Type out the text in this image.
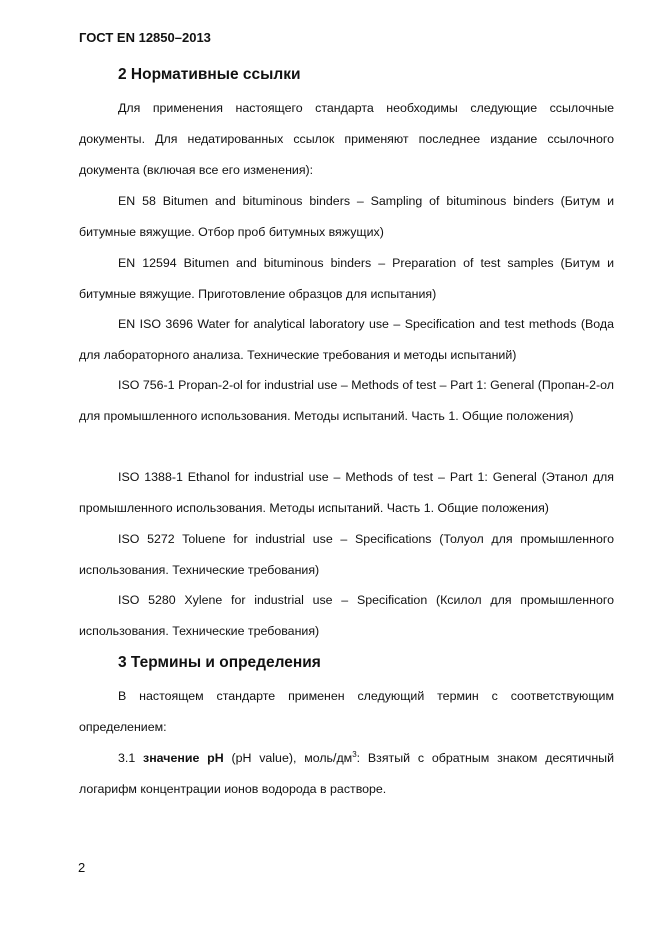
ГОСТ EN 12850–2013
2 Нормативные ссылки

Для применения настоящего стандарта необходимы следующие ссылочные документы. Для недатированных ссылок применяют последнее издание ссылочного документа (включая все его изменения):

EN 58 Bitumen and bituminous binders – Sampling of bituminous binders (Битум и битумные вяжущие. Отбор проб битумных вяжущих)

EN 12594 Bitumen and bituminous binders – Preparation of test samples (Битум и битумные вяжущие. Приготовление образцов для испытания)

EN ISO 3696 Water for analytical laboratory use – Specification and test methods (Вода для лабораторного анализа. Технические требования и методы испытаний)

ISO 756-1 Propan-2-ol for industrial use – Methods of test – Part 1: General (Пропан-2-ол для промышленного использования. Методы испытаний. Часть 1. Общие положения)

ISO 1388-1 Ethanol for industrial use – Methods of test – Part 1: General (Этанол для промышленного использования. Методы испытаний. Часть 1. Общие положения)

ISO 5272 Toluene for industrial use – Specifications (Толуол для промышленного использования. Технические требования)

ISO 5280 Xylene for industrial use – Specification (Ксилол для промышленного использования. Технические требования)

3 Термины и определения

В настоящем стандарте применен следующий термин с соответствующим определением:

3.1 значение pH (pH value), моль/$дм^3$: Взятый с обратным знаком десятичный логарифм концентрации ионов водорода в растворе.

2
